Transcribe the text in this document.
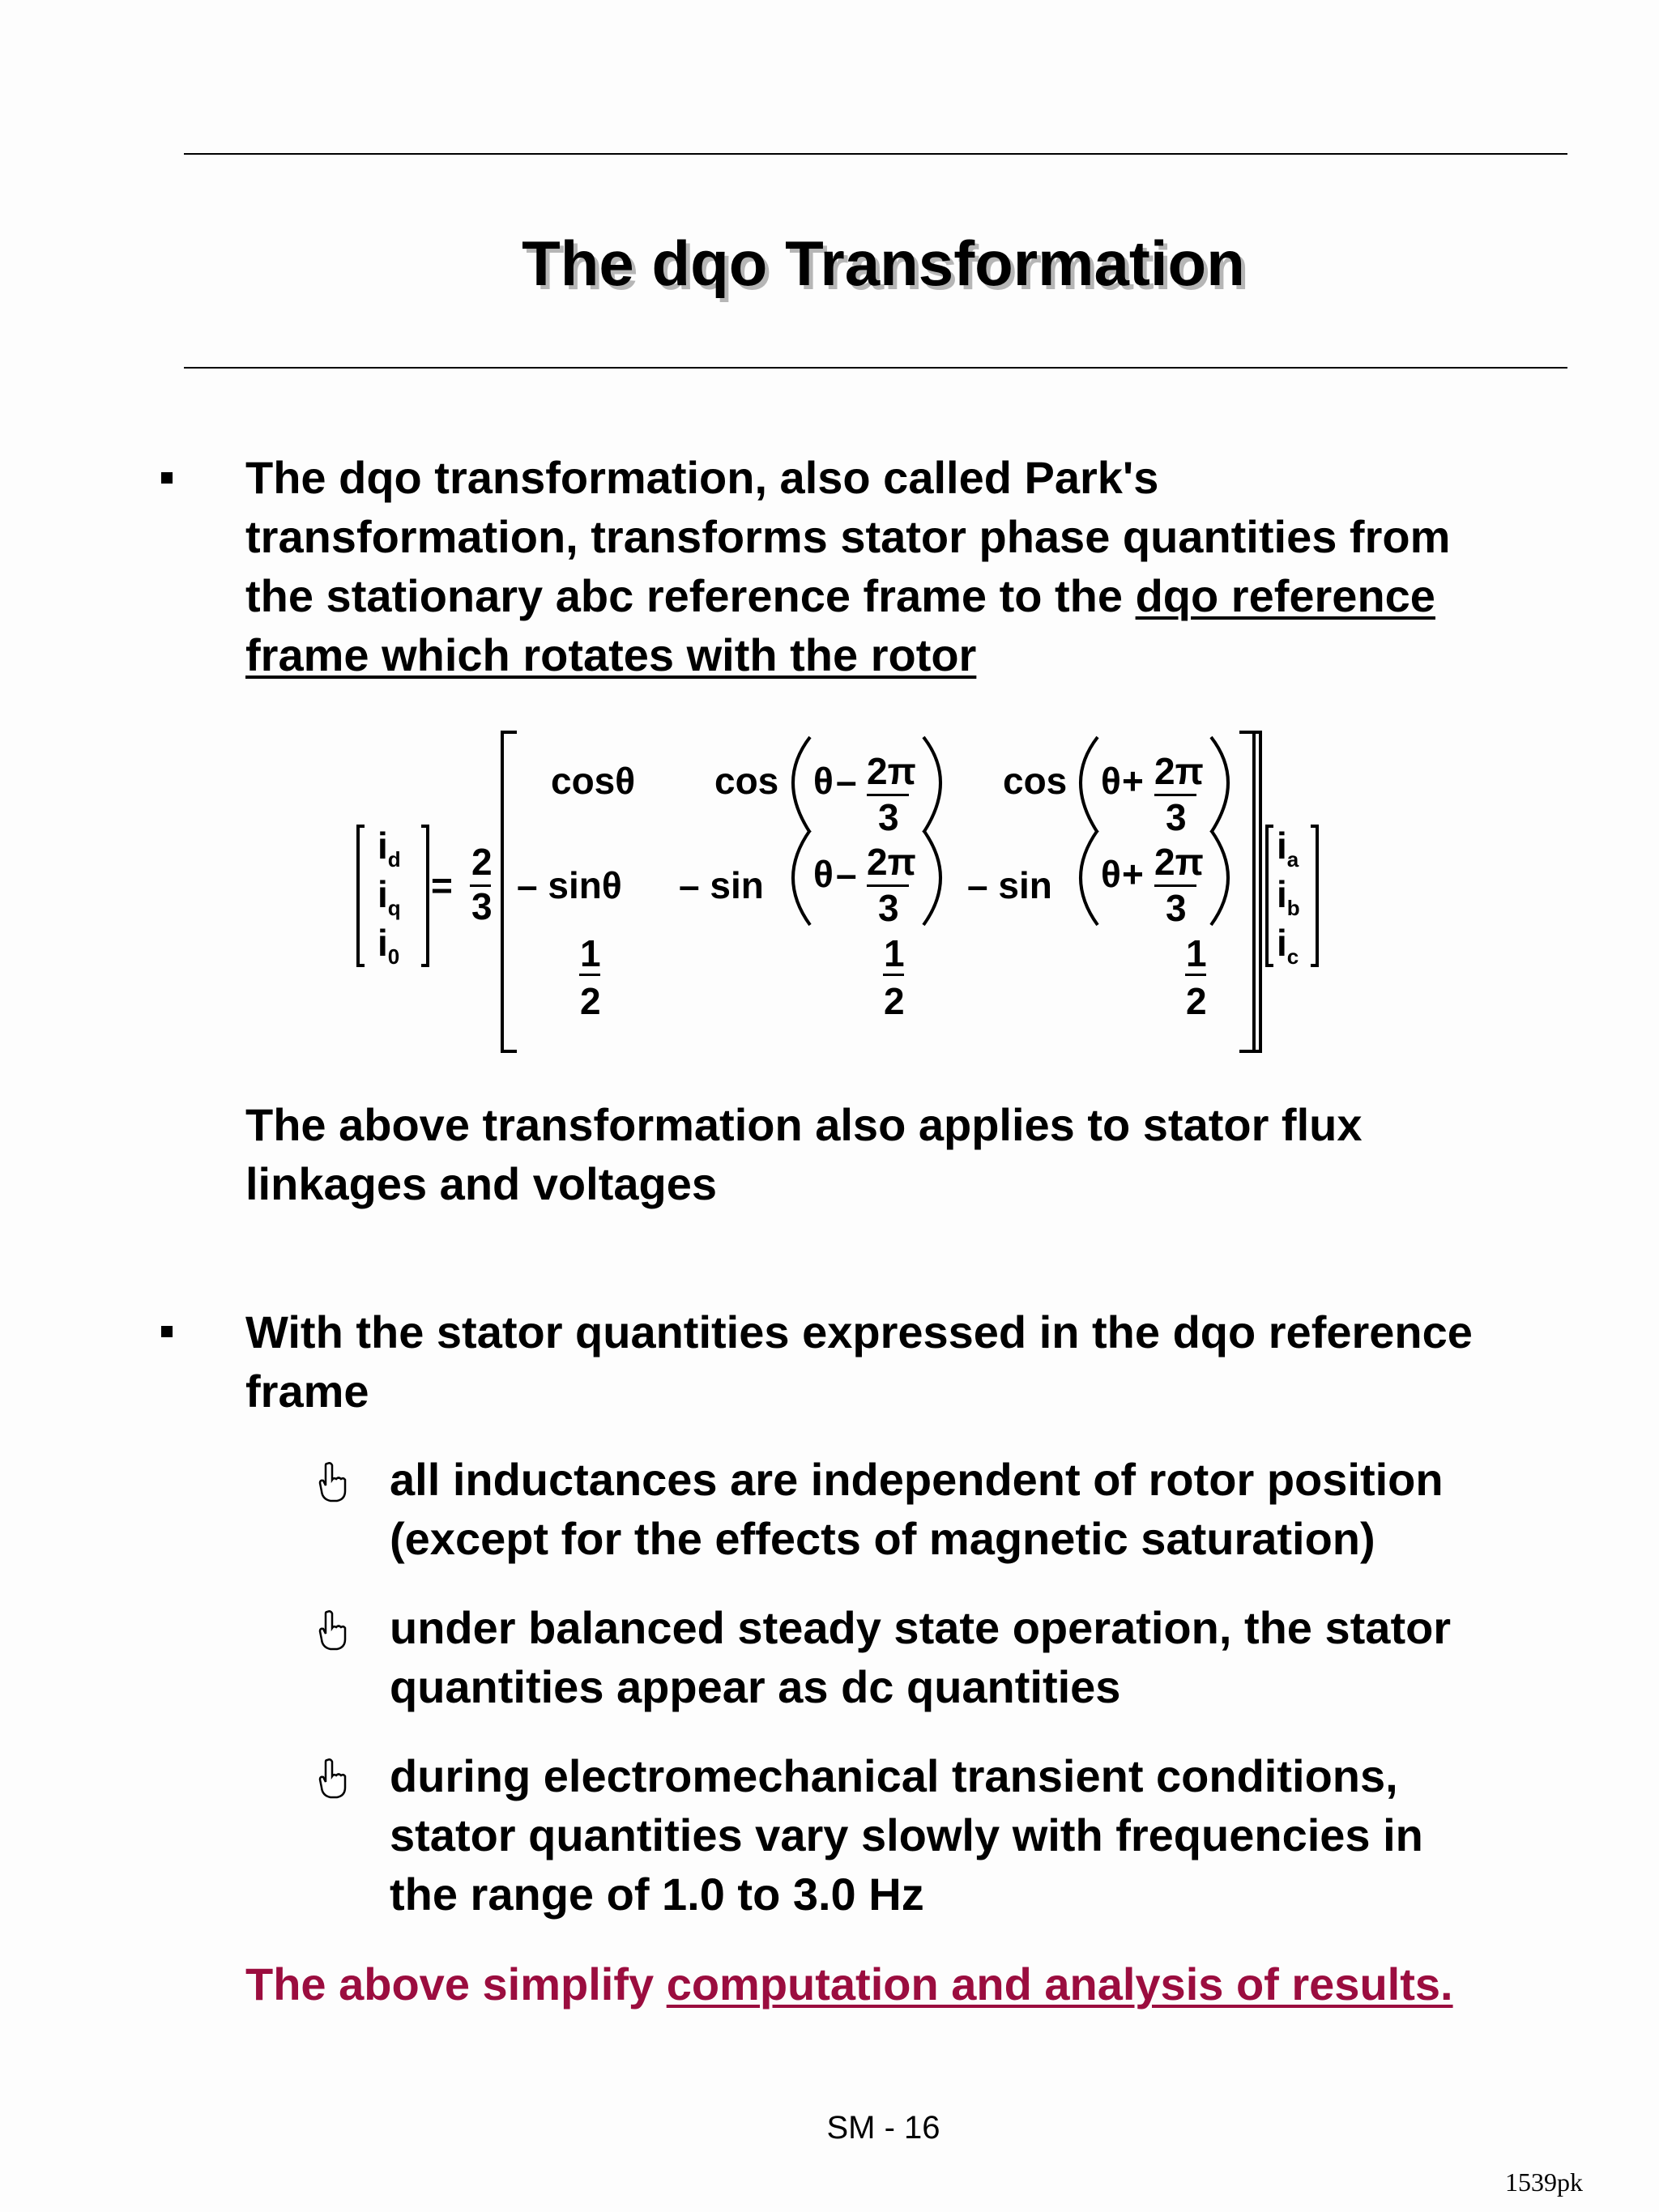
The dqo Transformation
The dqo transformation, also called Park's
transformation, transforms stator phase quantities from
the stationary abc reference frame to the dqo reference
frame which rotates with the rotor
$i_d$
$i_q$
$i_0$
=
2
3
cosθ cos θ – 2π
3
cos θ + 2π
3
– sinθ – sin θ – 2π
3
– sin θ + 2π
3
1
2
1
2
1
2
$i_a$
$i_b$
$i_c$
The above transformation also applies to stator flux
linkages and voltages
With the stator quantities expressed in the dqo reference
frame
all inductances are independent of rotor position
(except for the effects of magnetic saturation)
under balanced steady state operation, the stator
quantities appear as dc quantities
during electromechanical transient conditions,
stator quantities vary slowly with frequencies in
the range of 1.0 to 3.0 Hz
The above simplify computation and analysis of results.
SM - 16
1539pk
